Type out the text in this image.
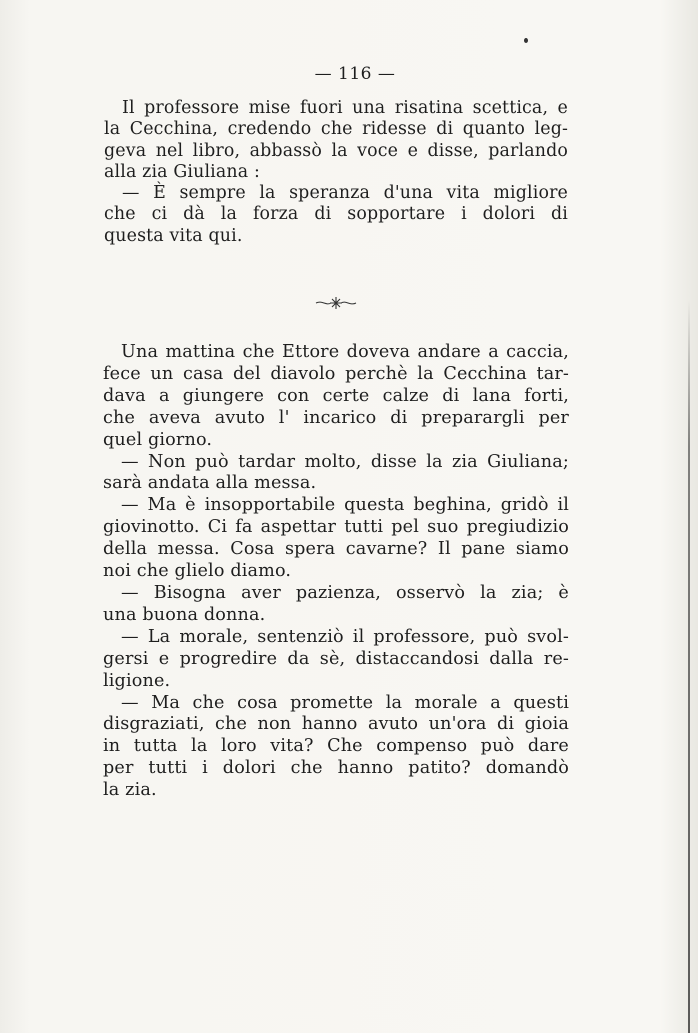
— 116 —
Il professore mise fuori una risatina scettica, e
la Cecchina, credendo che ridesse di quanto leg-
geva nel libro, abbassò la voce e disse, parlando
alla zia Giuliana :
— È sempre la speranza d'una vita migliore
che ci dà la forza di sopportare i dolori di
questa vita qui.
Una mattina che Ettore doveva andare a caccia,
fece un casa del diavolo perchè la Cecchina tar-
dava a giungere con certe calze di lana forti,
che aveva avuto l' incarico di preparargli per
quel giorno.
— Non può tardar molto, disse la zia Giuliana;
sarà andata alla messa.
— Ma è insopportabile questa beghina, gridò il
giovinotto. Ci fa aspettar tutti pel suo pregiudizio
della messa. Cosa spera cavarne? Il pane siamo
noi che glielo diamo.
— Bisogna aver pazienza, osservò la zia; è
una buona donna.
— La morale, sentenziò il professore, può svol-
gersi e progredire da sè, distaccandosi dalla re-
ligione.
— Ma che cosa promette la morale a questi
disgraziati, che non hanno avuto un'ora di gioia
in tutta la loro vita? Che compenso può dare
per tutti i dolori che hanno patito? domandò
la zia.
